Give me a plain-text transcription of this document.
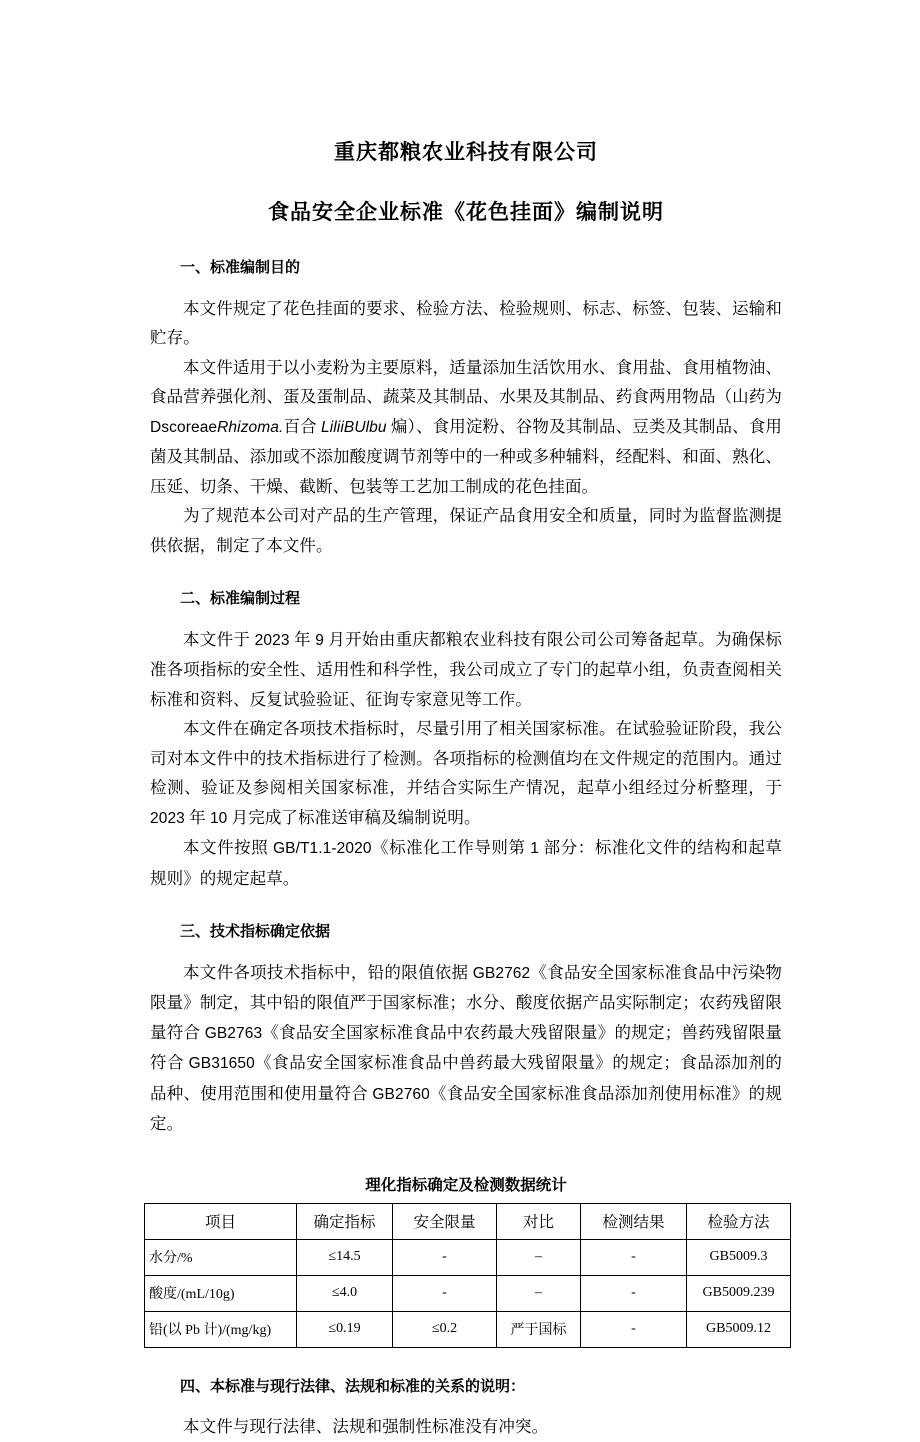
重庆都粮农业科技有限公司
食品安全企业标准《花色挂面》编制说明
一、标准编制目的

本文件规定了花色挂面的要求、检验方法、检验规则、标志、标签、包装、运输和贮存。

本文件适用于以小麦粉为主要原料，适量添加生活饮用水、食用盐、食用植物油、食品营养强化剂、蛋及蛋制品、蔬菜及其制品、水果及其制品、药食两用物品（山药为 DscoreaeRhizoma.百合 LiliiBUlbu 煸）、食用淀粉、谷物及其制品、豆类及其制品、食用菌及其制品、添加或不添加酸度调节剂等中的一种或多种辅料，经配料、和面、熟化、压延、切条、干燥、截断、包装等工艺加工制成的花色挂面。

为了规范本公司对产品的生产管理，保证产品食用安全和质量，同时为监督监测提供依据，制定了本文件。

二、标准编制过程

本文件于 2023 年 9 月开始由重庆都粮农业科技有限公司公司筹备起草。为确保标准各项指标的安全性、适用性和科学性，我公司成立了专门的起草小组，负责查阅相关标准和资料、反复试验验证、征询专家意见等工作。

本文件在确定各项技术指标时，尽量引用了相关国家标准。在试验验证阶段，我公司对本文件中的技术指标进行了检测。各项指标的检测值均在文件规定的范围内。通过检测、验证及参阅相关国家标准，并结合实际生产情况，起草小组经过分析整理，于 2023 年 10 月完成了标准送审稿及编制说明。

本文件按照 GB/T1.1-2020《标准化工作导则第 1 部分：标准化文件的结构和起草规则》的规定起草。

三、技术指标确定依据

本文件各项技术指标中，铅的限值依据 GB2762《食品安全国家标准食品中污染物限量》制定，其中铅的限值严于国家标准；水分、酸度依据产品实际制定；农药残留限量符合 GB2763《食品安全国家标准食品中农药最大残留限量》的规定；兽药残留限量符合 GB31650《食品安全国家标准食品中兽药最大残留限量》的规定；食品添加剂的品种、使用范围和使用量符合 GB2760《食品安全国家标准食品添加剂使用标准》的规定。

理化指标确定及检测数据统计
项目	确定指标	安全限量	对比	检测结果	检验方法
水分/%	≤14.5	-	–	-	GB5009.3
酸度/(mL/10g)	≤4.0	-	–	-	GB5009.239
铅(以 Pb 计)/(mg/kg)	≤0.19	≤0.2	严于国标	-	GB5009.12
四、本标准与现行法律、法规和标准的关系的说明：

本文件与现行法律、法规和强制性标准没有冲突。
